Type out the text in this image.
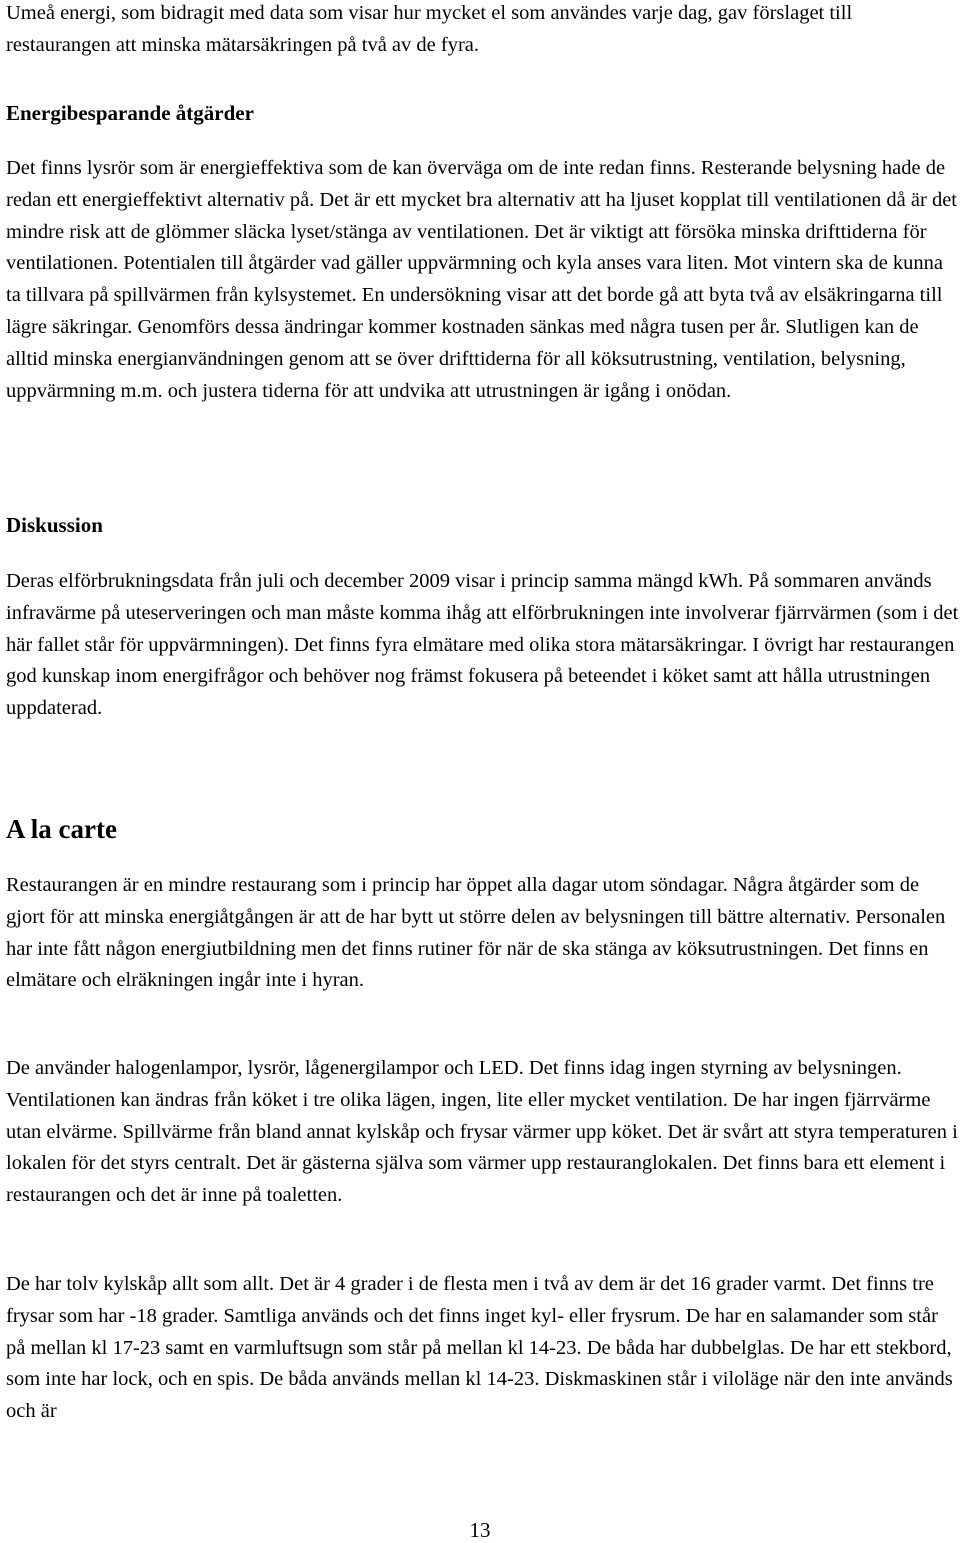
Umeå energi, som bidragit med data som visar hur mycket el som användes varje dag, gav förslaget till restaurangen att minska mätarsäkringen på två av de fyra.

Energibesparande åtgärder

Det finns lysrör som är energieffektiva som de kan överväga om de inte redan finns. Resterande belysning hade de redan ett energieffektivt alternativ på. Det är ett mycket bra alternativ att ha ljuset kopplat till ventilationen då är det mindre risk att de glömmer släcka lyset/stänga av ventilationen. Det är viktigt att försöka minska drifttiderna för ventilationen. Potentialen till åtgärder vad gäller uppvärmning och kyla anses vara liten. Mot vintern ska de kunna ta tillvara på spillvärmen från kylsystemet. En undersökning visar att det borde gå att byta två av elsäkringarna till lägre säkringar. Genomförs dessa ändringar kommer kostnaden sänkas med några tusen per år. Slutligen kan de alltid minska energianvändningen genom att se över drifttiderna för all köksutrustning, ventilation, belysning, uppvärmning m.m. och justera tiderna för att undvika att utrustningen är igång i onödan.

Diskussion

Deras elförbrukningsdata från juli och december 2009 visar i princip samma mängd kWh. På sommaren används infravärme på uteserveringen och man måste komma ihåg att elförbrukningen inte involverar fjärrvärmen (som i det här fallet står för uppvärmningen). Det finns fyra elmätare med olika stora mätarsäkringar. I övrigt har restaurangen god kunskap inom energifrågor och behöver nog främst fokusera på beteendet i köket samt att hålla utrustningen uppdaterad.

A la carte

Restaurangen är en mindre restaurang som i princip har öppet alla dagar utom söndagar. Några åtgärder som de gjort för att minska energiåtgången är att de har bytt ut större delen av belysningen till bättre alternativ. Personalen har inte fått någon energiutbildning men det finns rutiner för när de ska stänga av köksutrustningen. Det finns en elmätare och elräkningen ingår inte i hyran.

De använder halogenlampor, lysrör, lågenergilampor och LED. Det finns idag ingen styrning av belysningen. Ventilationen kan ändras från köket i tre olika lägen, ingen, lite eller mycket ventilation. De har ingen fjärrvärme utan elvärme. Spillvärme från bland annat kylskåp och frysar värmer upp köket. Det är svårt att styra temperaturen i lokalen för det styrs centralt. Det är gästerna själva som värmer upp restauranglokalen. Det finns bara ett element i restaurangen och det är inne på toaletten.

De har tolv kylskåp allt som allt. Det är 4 grader i de flesta men i två av dem är det 16 grader varmt. Det finns tre frysar som har -18 grader. Samtliga används och det finns inget kyl- eller frysrum. De har en salamander som står på mellan kl 17-23 samt en varmluftsugn som står på mellan kl 14-23. De båda har dubbelglas. De har ett stekbord, som inte har lock, och en spis. De båda används mellan kl 14-23. Diskmaskinen står i viloläge när den inte används och är

13
